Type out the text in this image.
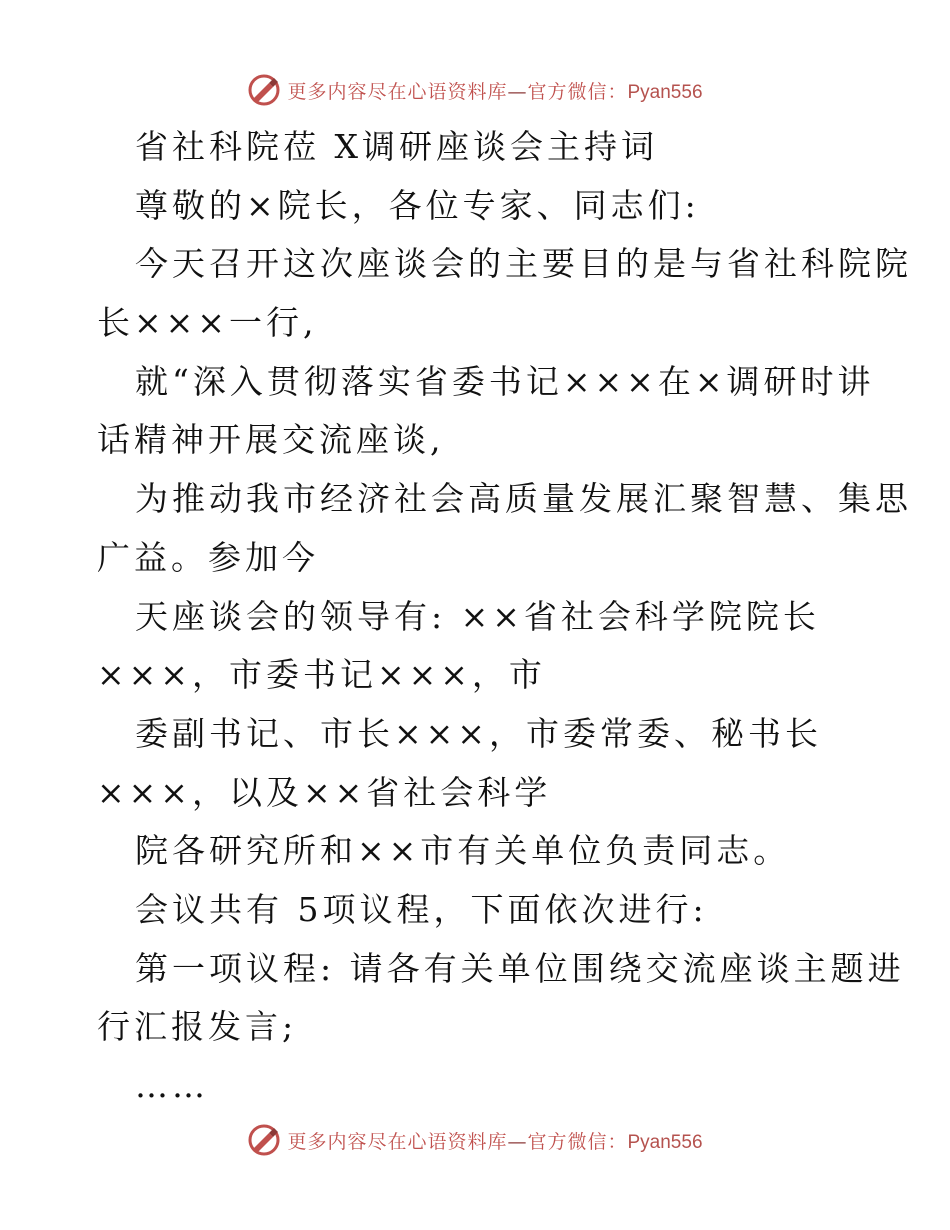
更多内容尽在心语资料库—官方微信：Pyan556
省社科院莅 X调研座谈会主持词
尊敬的×院长，各位专家、同志们:
今天召开这次座谈会的主要目的是与省社科院院
长×××一行,
就“深入贯彻落实省委书记×××在×调研时讲
话精神开展交流座谈,
为推动我市经济社会高质量发展汇聚智慧、集思
广益。参加今
天座谈会的领导有: ××省社会科学院院长
×××，市委书记×××，市
委副书记、市长×××，市委常委、秘书长
×××，以及××省社会科学
院各研究所和××市有关单位负责同志。
会议共有 5项议程，下面依次进行:
第一项议程: 请各有关单位围绕交流座谈主题进
行汇报发言;
……
更多内容尽在心语资料库—官方微信：Pyan556
